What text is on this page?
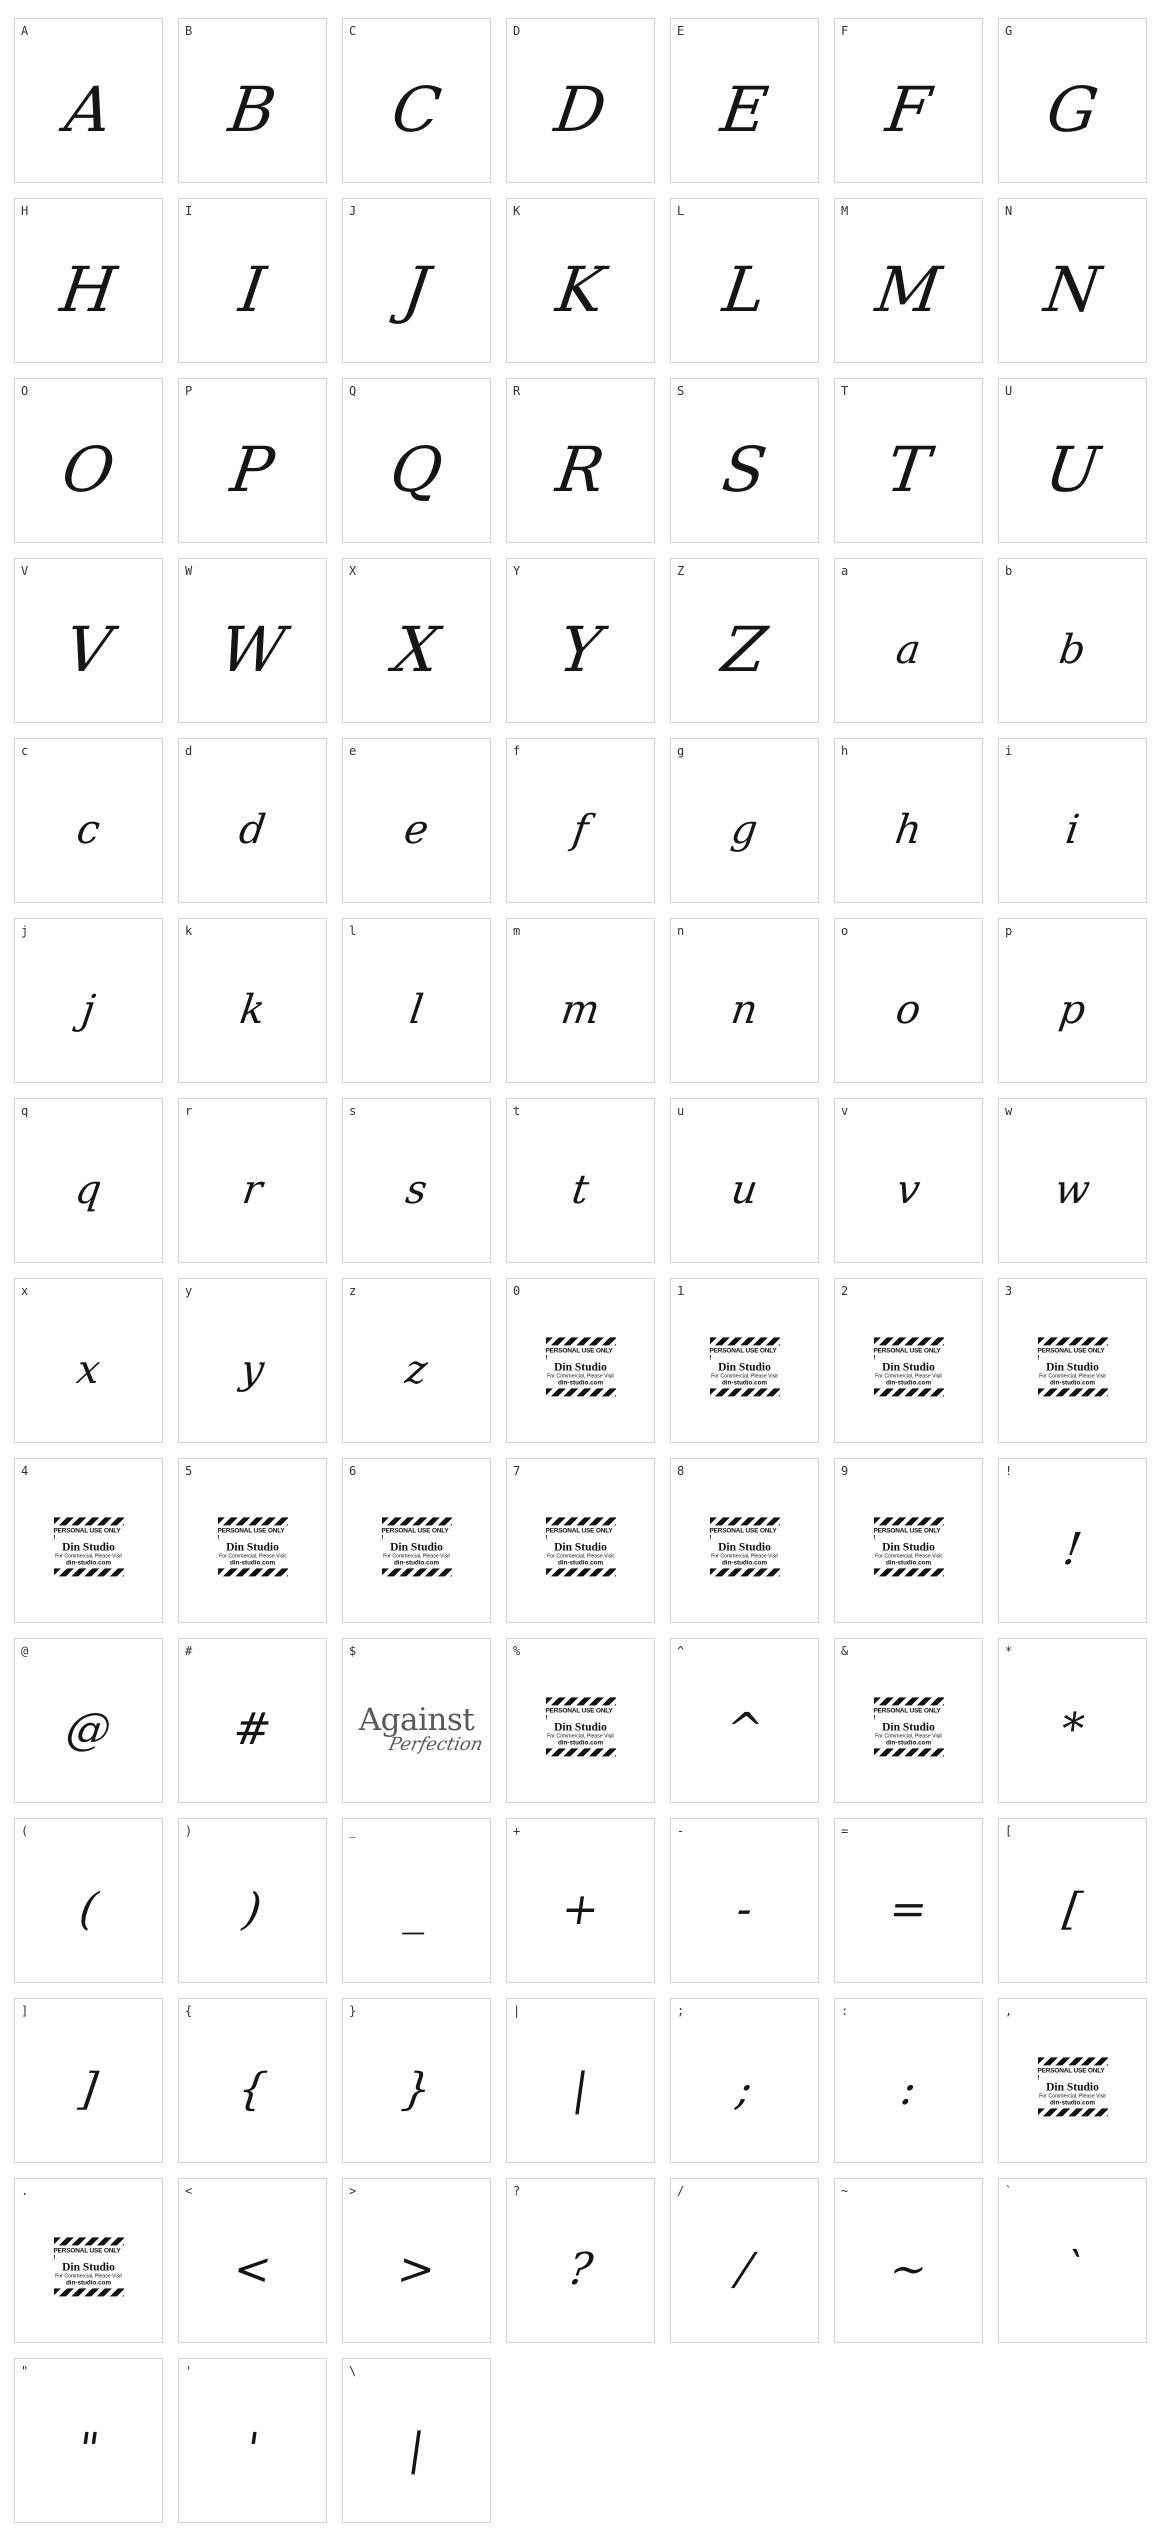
A
A
B
B
C
C
D
D
E
E
F
F
G
G
H
H
I
I
J
J
K
K
L
L
M
M
N
N
O
O
P
P
Q
Q
R
R
S
S
T
T
U
U
V
V
W
W
X
X
Y
Y
Z
Z
a
a
b
b
c
c
d
d
e
e
f
f
g
g
h
h
i
i
j
j
k
k
l
l
m
m
n
n
o
o
p
p
q
q
r
r
s
s
t
t
u
u
v
v
w
w
x
x
y
y
z
z
0
PERSONAL USE ONLY !
Din Studio
For Commercial, Please Visit
din-studio.com
1
PERSONAL USE ONLY !
Din Studio
For Commercial, Please Visit
din-studio.com
2
PERSONAL USE ONLY !
Din Studio
For Commercial, Please Visit
din-studio.com
3
PERSONAL USE ONLY !
Din Studio
For Commercial, Please Visit
din-studio.com
4
PERSONAL USE ONLY !
Din Studio
For Commercial, Please Visit
din-studio.com
5
PERSONAL USE ONLY !
Din Studio
For Commercial, Please Visit
din-studio.com
6
PERSONAL USE ONLY !
Din Studio
For Commercial, Please Visit
din-studio.com
7
PERSONAL USE ONLY !
Din Studio
For Commercial, Please Visit
din-studio.com
8
PERSONAL USE ONLY !
Din Studio
For Commercial, Please Visit
din-studio.com
9
PERSONAL USE ONLY !
Din Studio
For Commercial, Please Visit
din-studio.com
!
!
@
@
#
#
$
Against
Perfection
%
PERSONAL USE ONLY !
Din Studio
For Commercial, Please Visit
din-studio.com
^
^
&
PERSONAL USE ONLY !
Din Studio
For Commercial, Please Visit
din-studio.com
*
*
(
(
)
)
_
_
+
+
-
-
=
=
[
[
]
]
{
{
}
}
|
|
;
;
:
:
,
PERSONAL USE ONLY !
Din Studio
For Commercial, Please Visit
din-studio.com
.
PERSONAL USE ONLY !
Din Studio
For Commercial, Please Visit
din-studio.com
<
<
>
>
?
?
/
/
~
~
`
`
"
"
'
'
\
|
